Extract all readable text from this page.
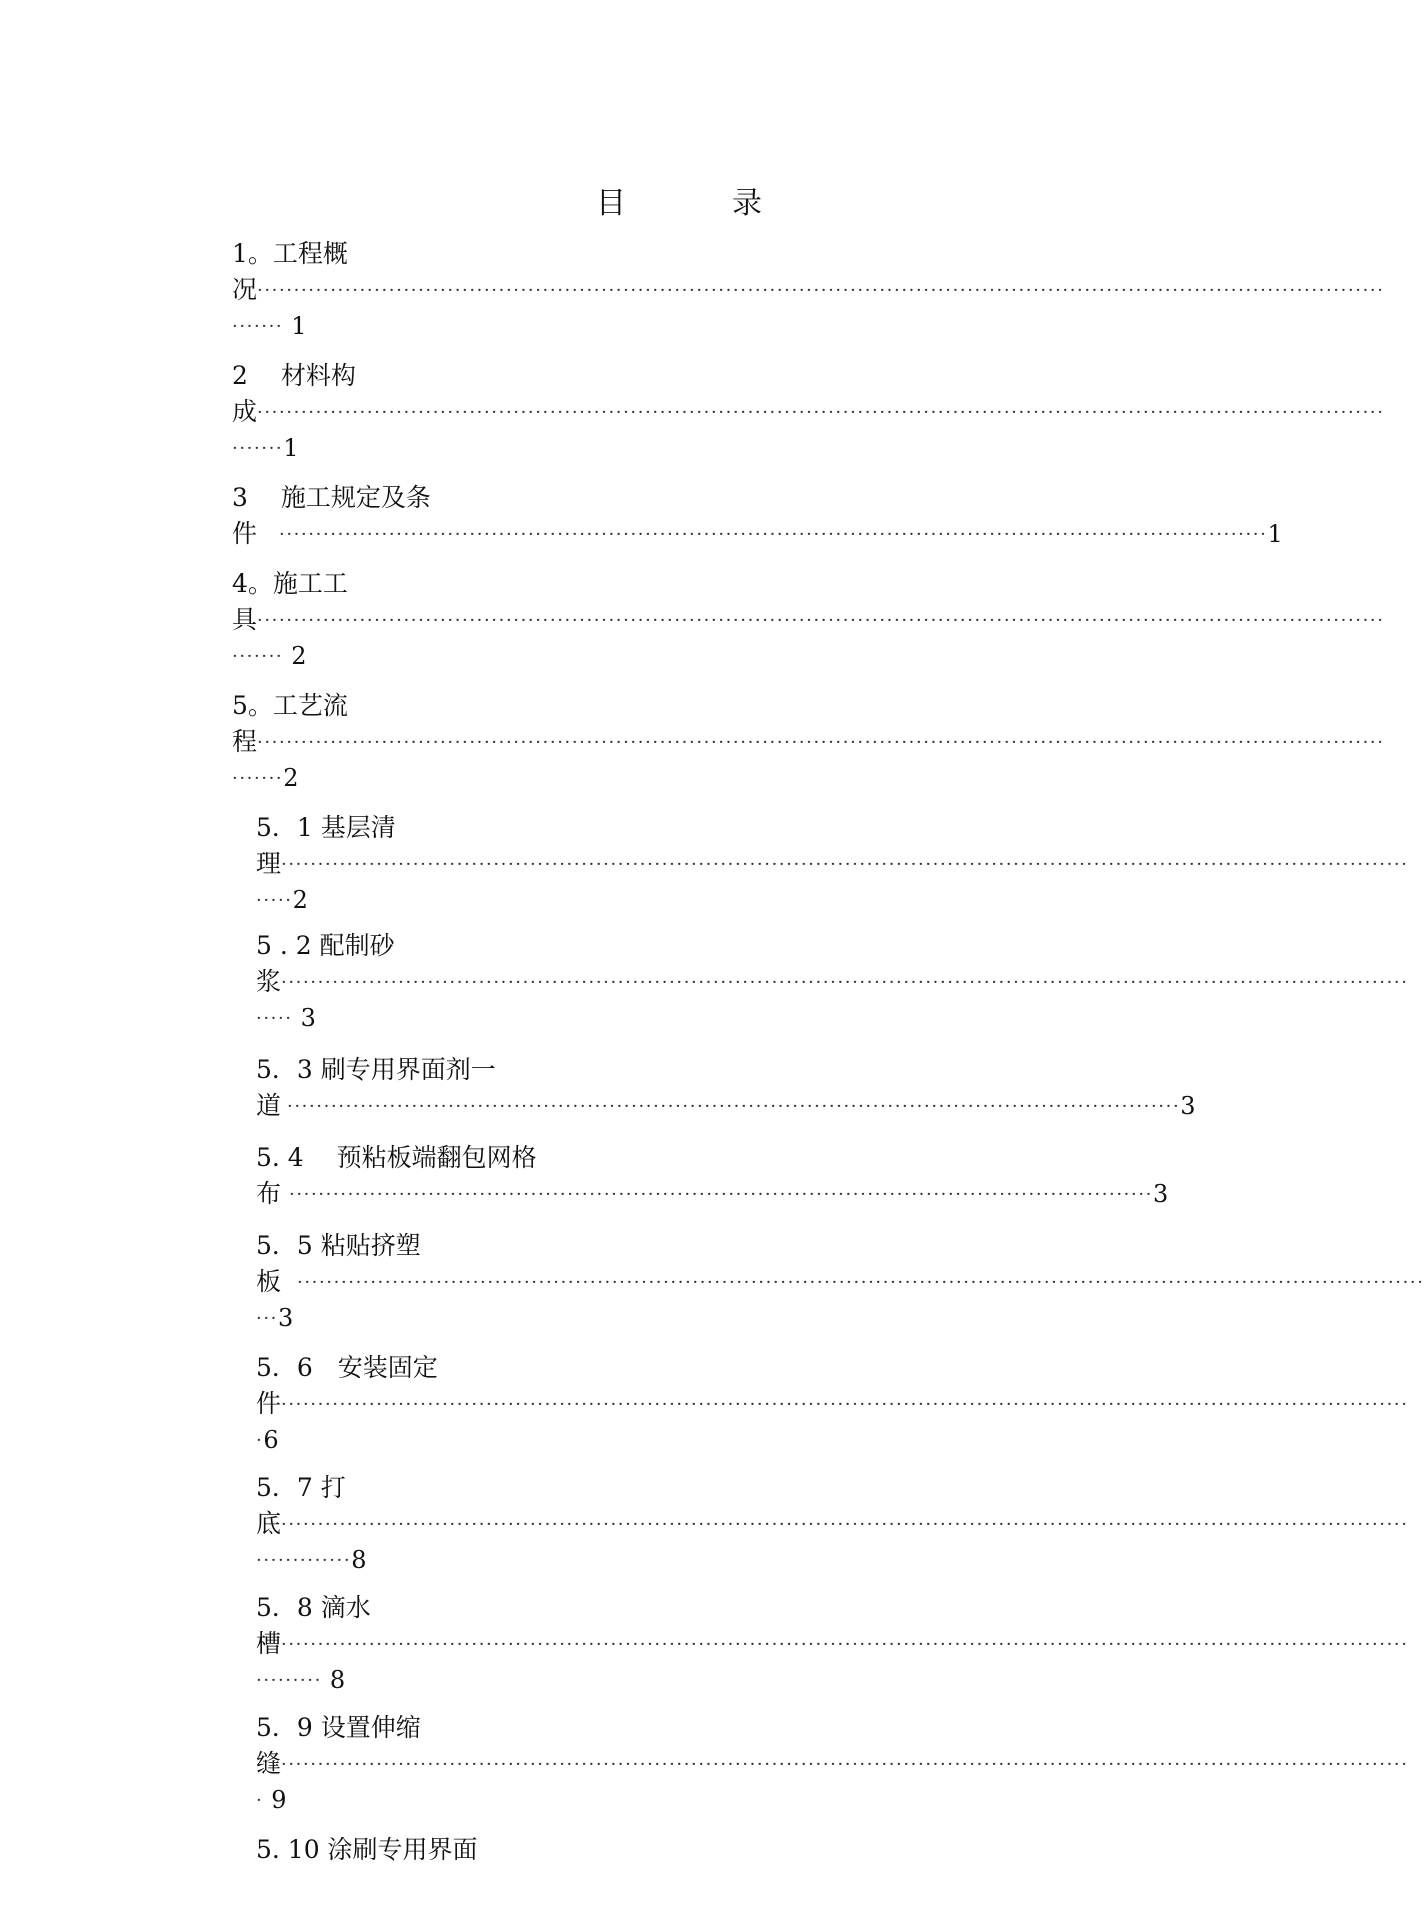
目	录
1。工程概
况··························································································································································
······· 1
2　 材料构
成··························································································································································
·······1
3　 施工规定及条
件 ·······································································································································1
4。施工工
具··························································································································································
······· 2
5。工艺流
程··························································································································································
·······2
5．1 基层清
理··························································································································································
·····2
5 . 2 配制砂
浆··························································································································································
····· 3
5．3 刷专用界面剂一
道 ··························································································································3
5. 4　 预粘板端翻包网格
布 ······················································································································3
5．5 粘贴挤塑
板 ··························································································································································
···3
5．6　安装固定
件··························································································································································
·6
5．7 打
底··························································································································································
·············8
5．8 滴水
槽··························································································································································
········· 8
5．9 设置伸缩
缝··························································································································································
· 9
5. 10 涂刷专用界面
